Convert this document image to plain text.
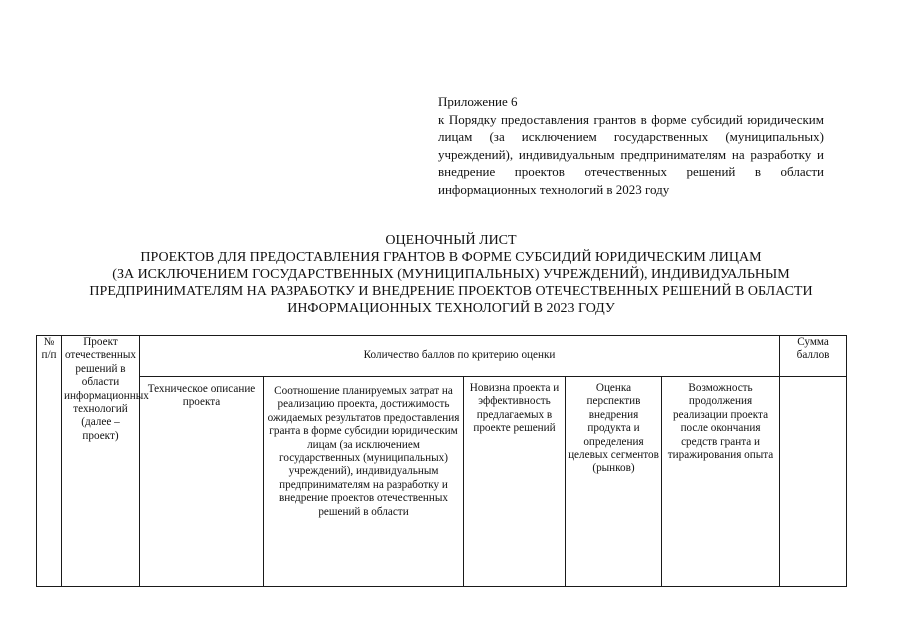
Приложение 6
к Порядку предоставления грантов в форме субсидий юридическим лицам (за исключением государственных (муниципальных) учреждений), индивидуальным предпринимателям на разработку и внедрение проектов отечественных решений в области информационных технологий в 2023 году
ОЦЕНОЧНЫЙ ЛИСТ
ПРОЕКТОВ ДЛЯ ПРЕДОСТАВЛЕНИЯ ГРАНТОВ В ФОРМЕ СУБСИДИЙ ЮРИДИЧЕСКИМ ЛИЦАМ
(ЗА ИСКЛЮЧЕНИЕМ ГОСУДАРСТВЕННЫХ (МУНИЦИПАЛЬНЫХ) УЧРЕЖДЕНИЙ), ИНДИВИДУАЛЬНЫМ
ПРЕДПРИНИМАТЕЛЯМ НА РАЗРАБОТКУ И ВНЕДРЕНИЕ ПРОЕКТОВ ОТЕЧЕСТВЕННЫХ РЕШЕНИЙ В ОБЛАСТИ
ИНФОРМАЦИОННЫХ ТЕХНОЛОГИЙ В 2023 ГОДУ
№ п/п	Проект отечественных решений в области информационных технологий (далее – проект)	Количество баллов по критерию оценки					Сумма баллов
		Техническое описание проекта	Соотношение планируемых затрат на реализацию проекта, достижимость ожидаемых результатов предоставления гранта в форме субсидии юридическим лицам (за исключением государственных (муниципальных) учреждений), индивидуальным предпринимателям на разработку и внедрение проектов отечественных решений в области	Новизна проекта и эффективность предлагаемых в проекте решений	Оценка перспектив внедрения продукта и определения целевых сегментов (рынков)	Возможность продолжения реализации проекта после окончания средств гранта и тиражирования опыта	
